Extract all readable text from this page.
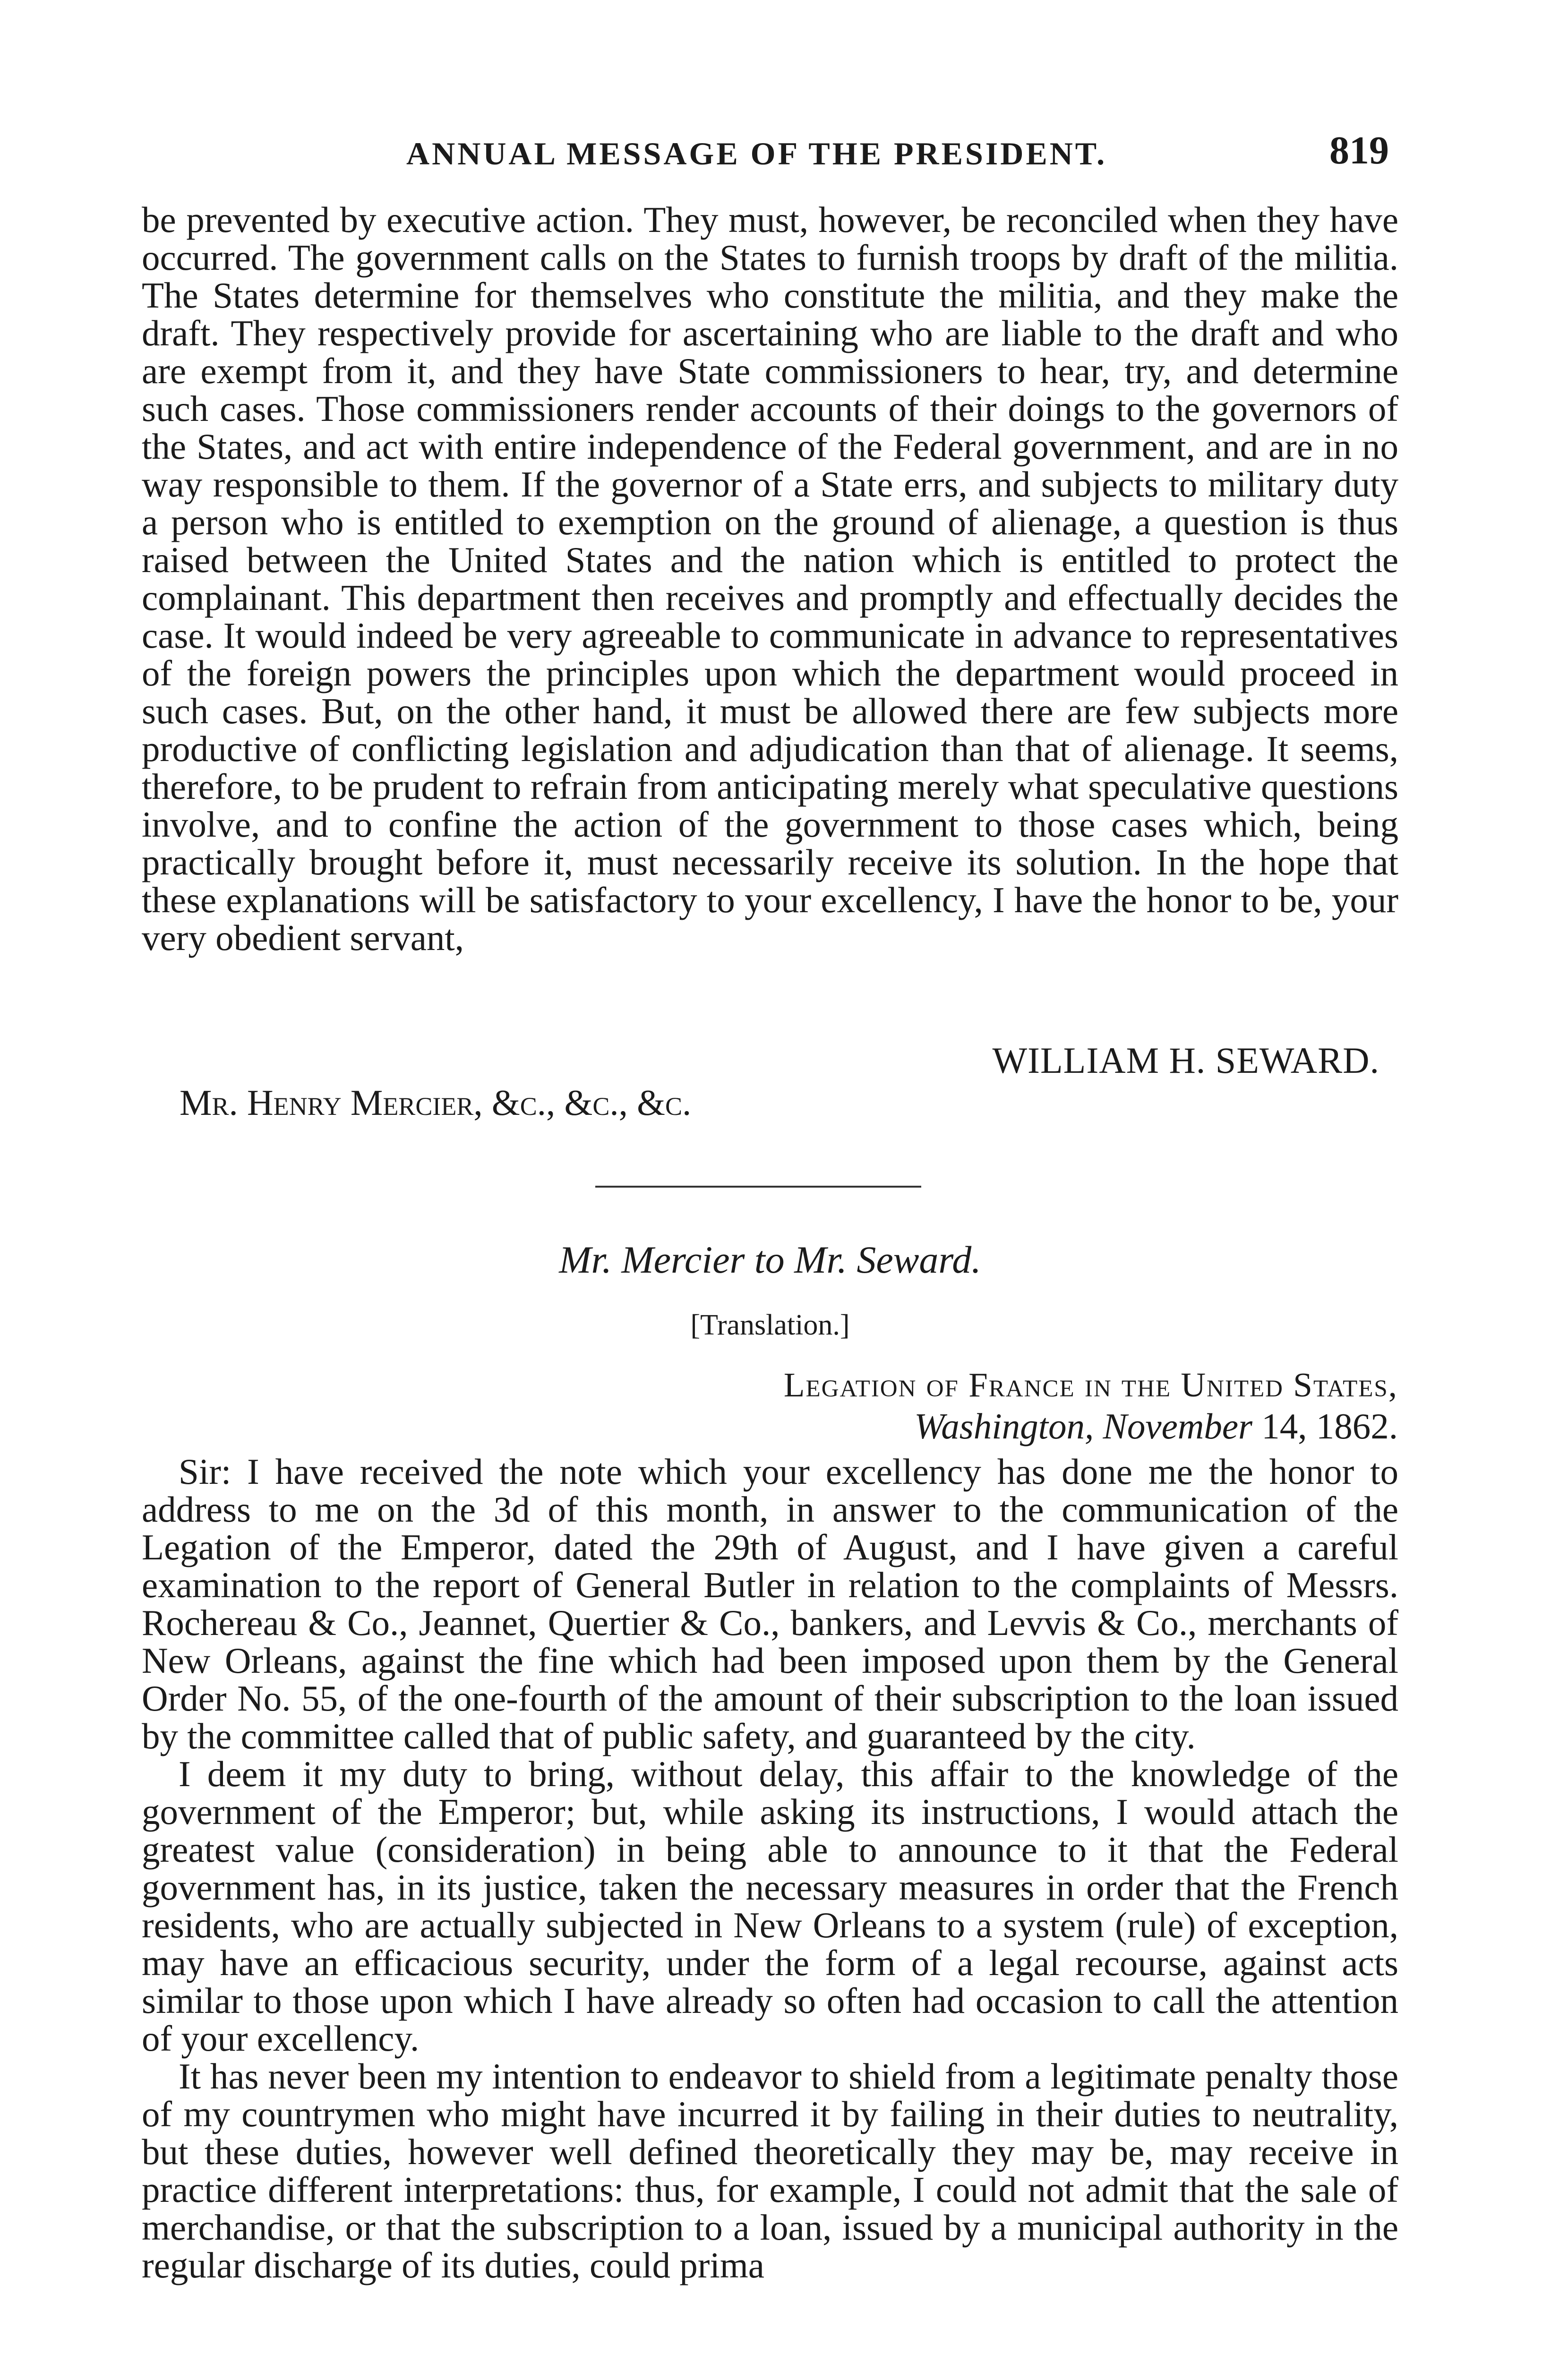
ANNUAL MESSAGE OF THE PRESIDENT.	819

be prevented by executive action. They must, however, be reconciled when they have occurred. The government calls on the States to furnish troops by draft of the militia. The States determine for themselves who constitute the militia, and they make the draft. They respectively provide for ascertaining who are liable to the draft and who are exempt from it, and they have State commissioners to hear, try, and determine such cases. Those commissioners render accounts of their doings to the governors of the States, and act with entire independence of the Federal government, and are in no way responsible to them. If the governor of a State errs, and subjects to military duty a person who is entitled to exemption on the ground of alienage, a question is thus raised between the United States and the nation which is entitled to protect the complainant. This department then receives and promptly and effectually decides the case. It would indeed be very agreeable to communicate in advance to representatives of the foreign powers the principles upon which the department would proceed in such cases. But, on the other hand, it must be allowed there are few subjects more productive of conflicting legislation and adjudication than that of alienage. It seems, therefore, to be prudent to refrain from anticipating merely what speculative questions involve, and to confine the action of the government to those cases which, being practically brought before it, must necessarily receive its solution. In the hope that these explanations will be satisfactory to your excellency, I have the honor to be, your very obedient servant,

WILLIAM H. SEWARD.
Mr. Henry Mercier, &c., &c., &c.
Mr. Mercier to Mr. Seward.
[Translation.]
Legation of France in the United States,
Washington, November 14, 1862.

Sir: I have received the note which your excellency has done me the honor to address to me on the 3d of this month, in answer to the communication of the Legation of the Emperor, dated the 29th of August, and I have given a careful examination to the report of General Butler in relation to the complaints of Messrs. Rochereau & Co., Jeannet, Quertier & Co., bankers, and Levvis & Co., merchants of New Orleans, against the fine which had been imposed upon them by the General Order No. 55, of the one-fourth of the amount of their subscription to the loan issued by the committee called that of public safety, and guaranteed by the city.

I deem it my duty to bring, without delay, this affair to the knowledge of the government of the Emperor; but, while asking its instructions, I would attach the greatest value (consideration) in being able to announce to it that the Federal government has, in its justice, taken the necessary measures in order that the French residents, who are actually subjected in New Orleans to a system (rule) of exception, may have an efficacious security, under the form of a legal recourse, against acts similar to those upon which I have already so often had occasion to call the attention of your excellency.

It has never been my intention to endeavor to shield from a legitimate penalty those of my countrymen who might have incurred it by failing in their duties to neutrality, but these duties, however well defined theoretically they may be, may receive in practice different interpretations: thus, for example, I could not admit that the sale of merchandise, or that the subscription to a loan, issued by a municipal authority in the regular discharge of its duties, could prima
